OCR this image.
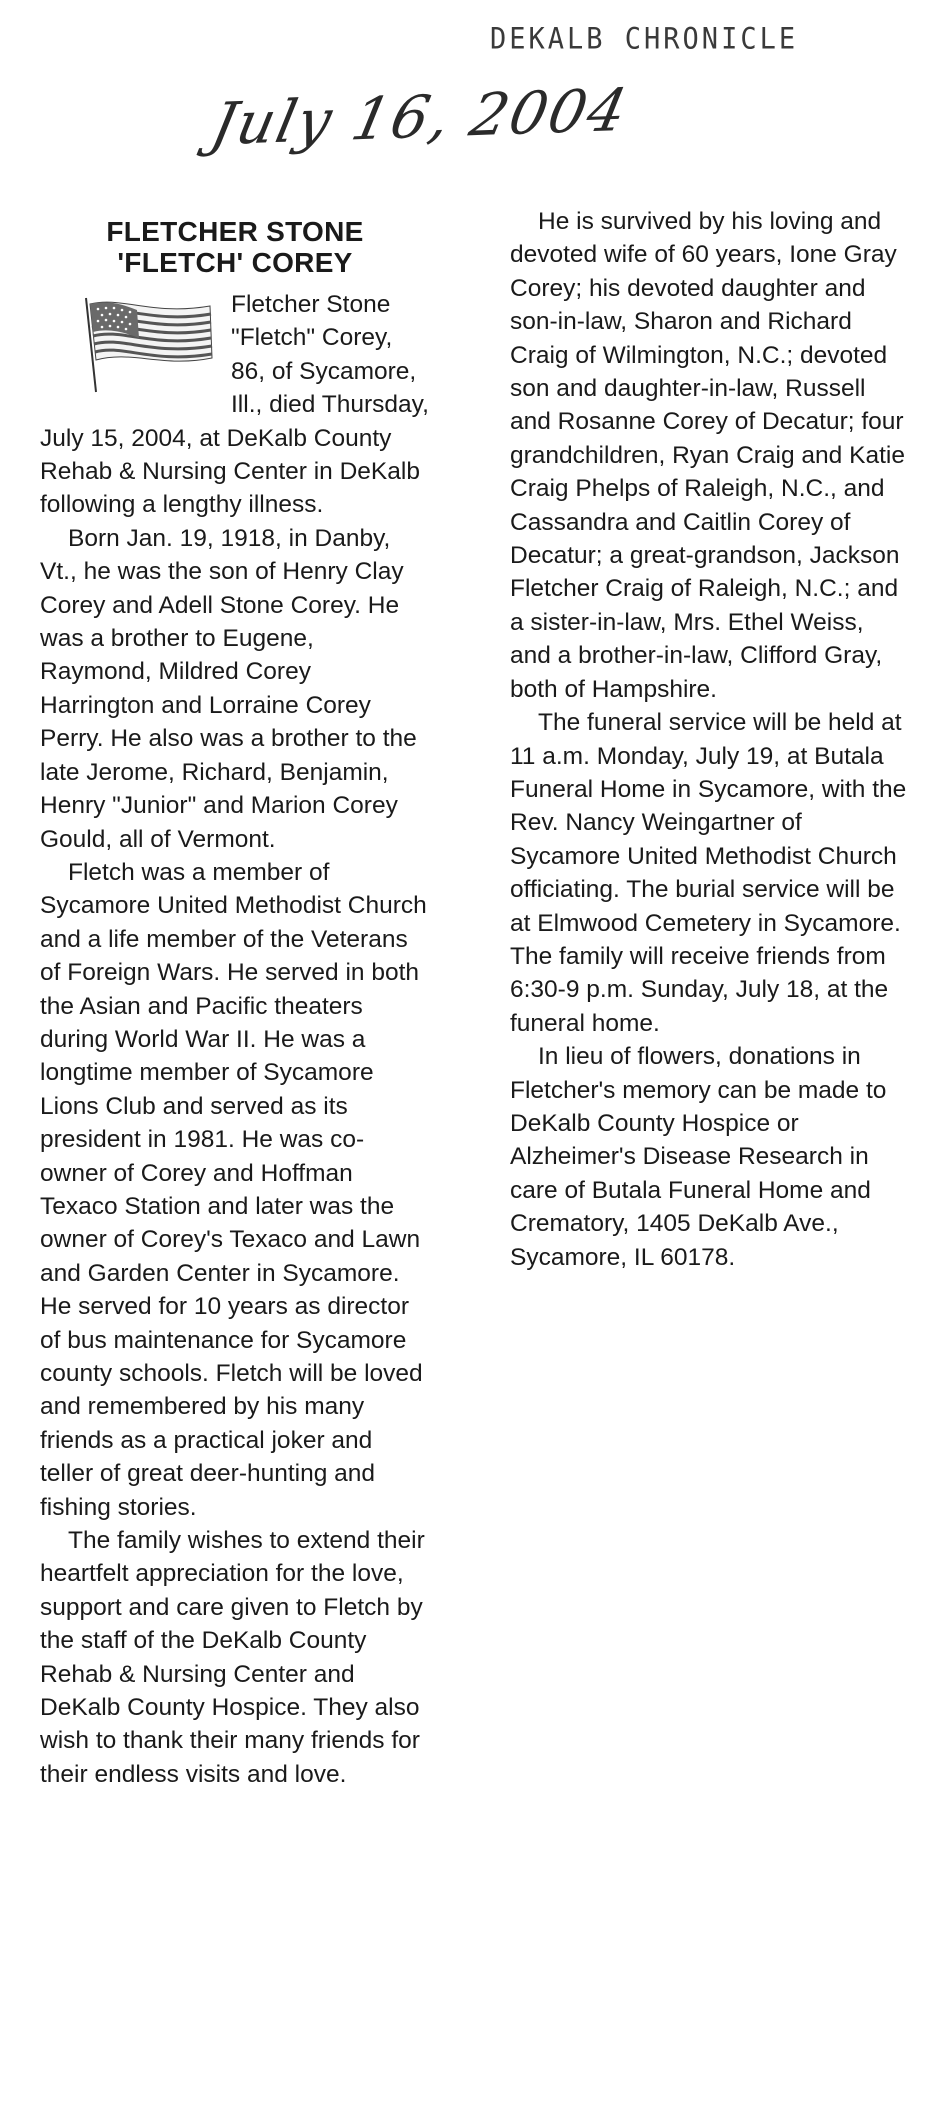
DEKALB CHRONICLE
July 16, 2004
FLETCHER STONE
'FLETCH' COREY

Fletcher Stone "Fletch" Corey, 86, of Sycamore, Ill., died Thursday, July 15, 2004, at DeKalb County Rehab & Nursing Center in DeKalb following a lengthy illness.

Born Jan. 19, 1918, in Danby, Vt., he was the son of Henry Clay Corey and Adell Stone Corey. He was a brother to Eugene, Raymond, Mildred Corey Harrington and Lorraine Corey Perry. He also was a brother to the late Jerome, Richard, Benjamin, Henry "Junior" and Marion Corey Gould, all of Vermont.

Fletch was a member of Sycamore United Methodist Church and a life member of the Veterans of Foreign Wars. He served in both the Asian and Pacific theaters during World War II. He was a longtime member of Sycamore Lions Club and served as its president in 1981. He was co-owner of Corey and Hoffman Texaco Station and later was the owner of Corey's Texaco and Lawn and Garden Center in Sycamore. He served for 10 years as director of bus maintenance for Sycamore county schools. Fletch will be loved and remembered by his many friends as a practical joker and teller of great deer-hunting and fishing stories.

The family wishes to extend their heartfelt appreciation for the love, support and care given to Fletch by the staff of the DeKalb County Rehab & Nursing Center and DeKalb County Hospice. They also wish to thank their many friends for their endless visits and love.

He is survived by his loving and devoted wife of 60 years, Ione Gray Corey; his devoted daughter and son-in-law, Sharon and Richard Craig of Wilmington, N.C.; devoted son and daughter-in-law, Russell and Rosanne Corey of Decatur; four grandchildren, Ryan Craig and Katie Craig Phelps of Raleigh, N.C., and Cassandra and Caitlin Corey of Decatur; a great-grandson, Jackson Fletcher Craig of Raleigh, N.C.; and a sister-in-law, Mrs. Ethel Weiss, and a brother-in-law, Clifford Gray, both of Hampshire.

The funeral service will be held at 11 a.m. Monday, July 19, at Butala Funeral Home in Sycamore, with the Rev. Nancy Weingartner of Sycamore United Methodist Church officiating. The burial service will be at Elmwood Cemetery in Sycamore. The family will receive friends from 6:30-9 p.m. Sunday, July 18, at the funeral home.

In lieu of flowers, donations in Fletcher's memory can be made to DeKalb County Hospice or Alzheimer's Disease Research in care of Butala Funeral Home and Crematory, 1405 DeKalb Ave., Sycamore, IL 60178.
